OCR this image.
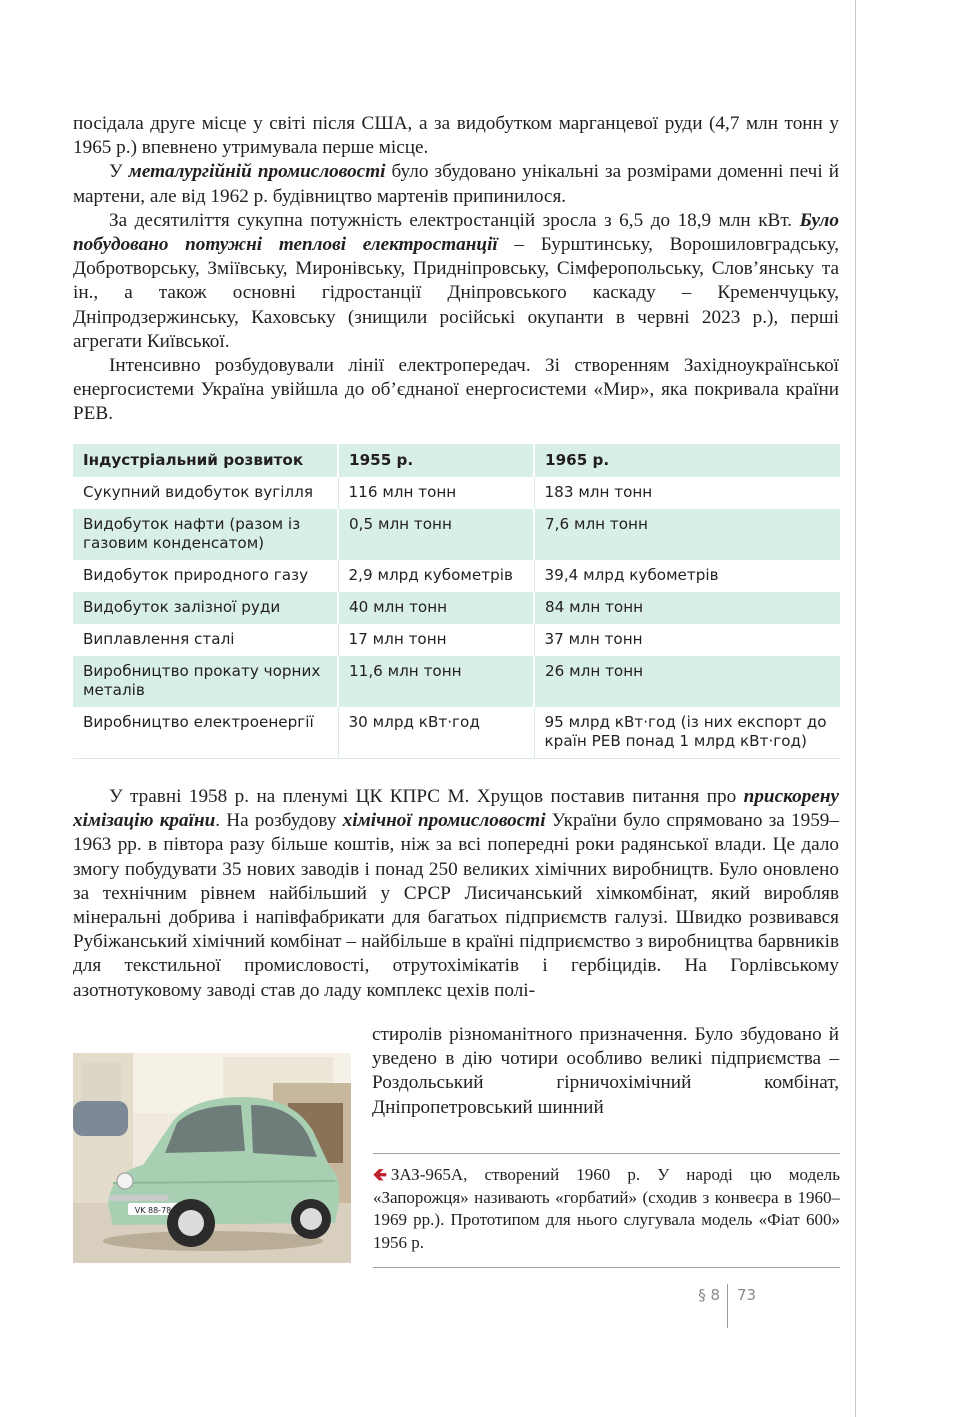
посідала друге місце у світі після США, а за видобутком марганцевої руди (4,7 млн тонн у 1965 р.) впевнено утримувала перше місце.

У металургійній промисловості було збудовано унікальні за розмірами доменні печі й мартени, але від 1962 р. будівництво мартенів припинилося.

За десятиліття сукупна потужність електростанцій зросла з 6,5 до 18,9 млн кВт. Було побудовано потужні теплові електростанції – Бурштинську, Ворошиловградську, Добротворську, Зміївську, Миронівську, Придніпровську, Сімферопольську, Слов’янську та ін., а також основні гідростанції Дніпровського каскаду – Кременчуцьку, Дніпродзержинську, Каховську (знищили російські окупанти в червні 2023 р.), перші агрегати Київської.

Інтенсивно розбудовували лінії електропередач. Зі створенням Західноукраїнської енергосистеми Україна увійшла до об’єднаної енергосистеми «Мир», яка покривала країни РЕВ.

Індустріальний розвиток	1955 р.	1965 р.
Сукупний видобуток вугілля	116 млн тонн	183 млн тонн
Видобуток нафти (разом із газовим конденсатом)	0,5 млн тонн	7,6 млн тонн
Видобуток природного газу	2,9 млрд кубометрів	39,4 млрд кубометрів
Видобуток залізної руди	40 млн тонн	84 млн тонн
Виплавлення сталі	17 млн тонн	37 млн тонн
Виробництво прокату чорних металів	11,6 млн тонн	26 млн тонн
Виробництво електроенергії	30 млрд кВт·год	95 млрд кВт·год (із них експорт до країн РЕВ понад 1 млрд кВт·год)

У травні 1958 р. на пленумі ЦК КПРС М. Хрущов поставив питання про прискорену хімізацію країни. На розбудову хімічної промисловості України було спрямовано за 1959–1963 рр. в півтора разу більше коштів, ніж за всі попередні роки радянської влади. Це дало змогу побудувати 35 нових заводів і понад 250 великих хімічних виробництв. Було оновлено за технічним рівнем найбільший у СРСР Лисичанський хімкомбінат, який виробляв мінеральні добрива і напівфабрикати для багатьох підприємств галузі. Швидко розвивався Рубіжанський хімічний комбінат – найбільше в країні підприємство з виробництва барвників для текстильної промисловості, отрутохімікатів і гербіцидів. На Горлівському азотнотуковому заводі став до ладу комплекс цехів полі-

стиролів різноманітного призначення. Було збудовано й уведено в дію чотири особливо великі підприємства – Роздольський гірничохімічний комбінат, Дніпропетровський шинний
VK 88-78
🡸 ЗАЗ-965А, створений 1960 р. У народі цю модель «Запорожця» називають «горбатий» (сходив з конвеєра в 1960–1969 рр.). Прототипом для нього слугувала модель «Фіат 600» 1956 р.
§ 8 73
